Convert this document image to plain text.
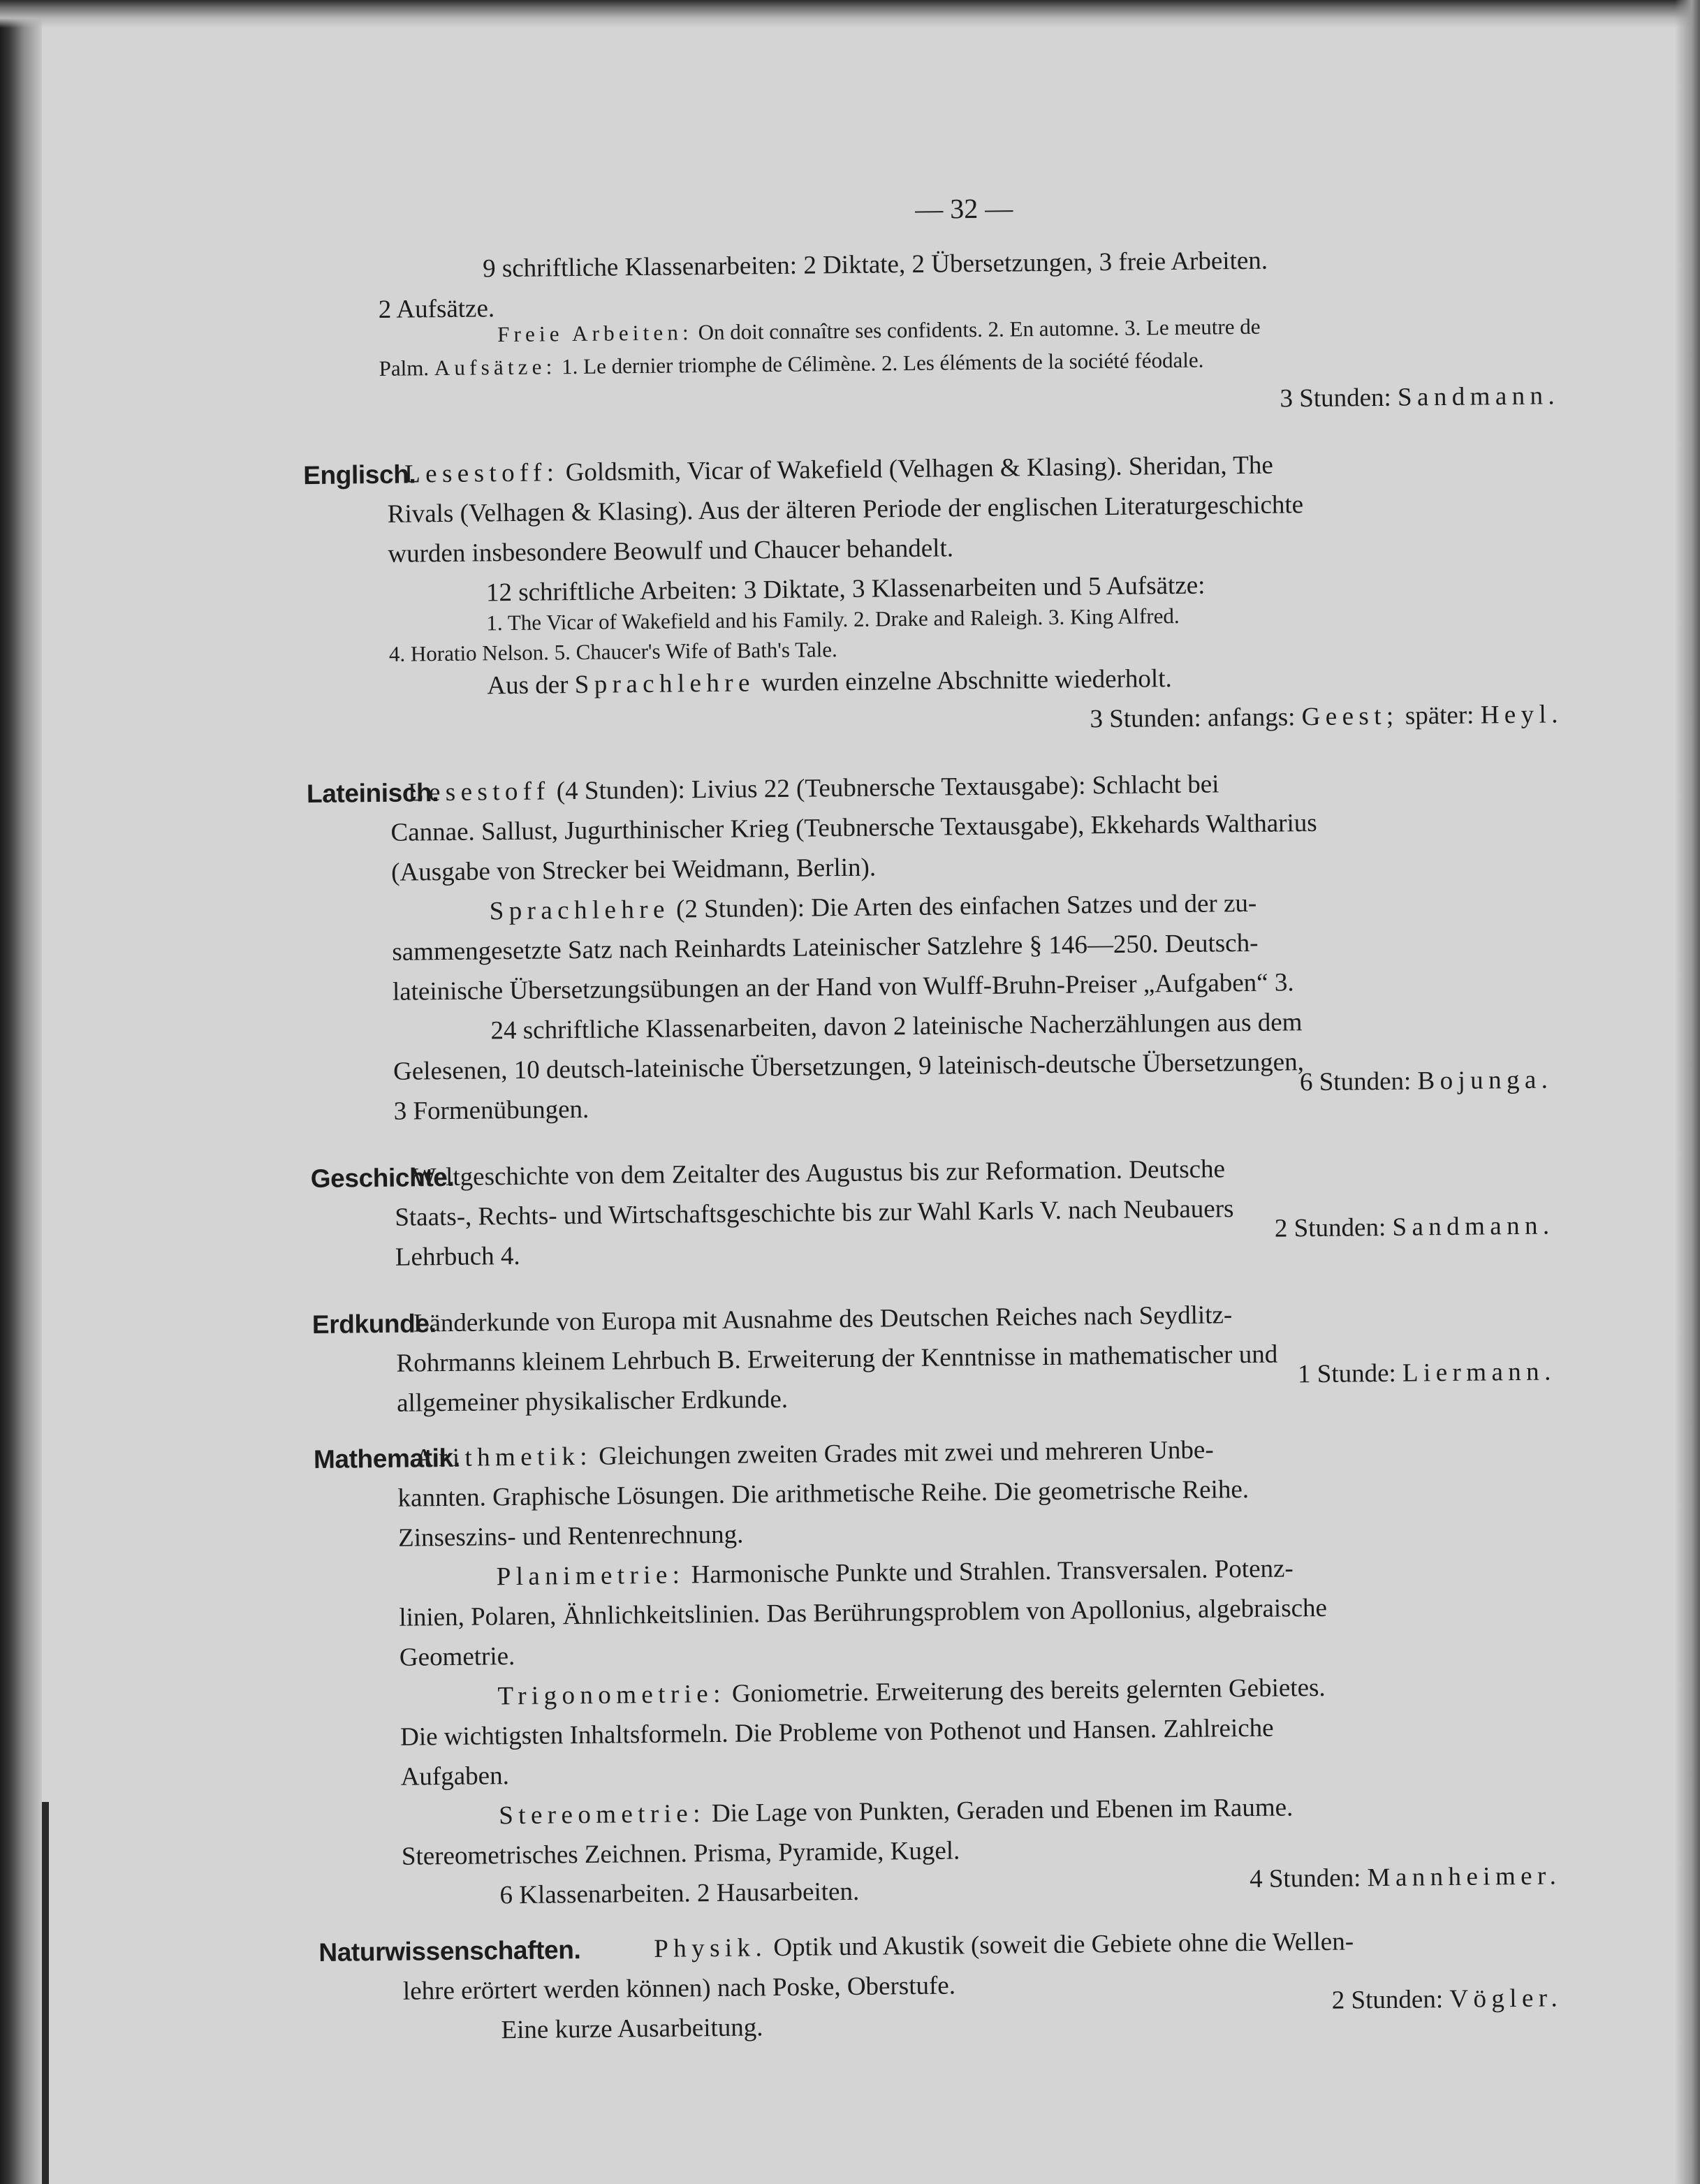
— 32 —
9 schriftliche Klassenarbeiten: 2 Diktate, 2 Übersetzungen, 3 freie Arbeiten.
2 Aufsätze.
Freie Arbeiten: On doit connaître ses confidents. 2. En automne. 3. Le meutre de
Palm. Aufsätze: 1. Le dernier triomphe de Célimène. 2. Les éléments de la société féodale.
3 Stunden: Sandmann.
Englisch.
Lesestoff: Goldsmith, Vicar of Wakefield (Velhagen & Klasing). Sheridan, The
Rivals (Velhagen & Klasing). Aus der älteren Periode der englischen Literaturgeschichte
wurden insbesondere Beowulf und Chaucer behandelt.
12 schriftliche Arbeiten: 3 Diktate, 3 Klassenarbeiten und 5 Aufsätze:
1. The Vicar of Wakefield and his Family. 2. Drake and Raleigh. 3. King Alfred.
4. Horatio Nelson. 5. Chaucer's Wife of Bath's Tale.
Aus der Sprachlehre wurden einzelne Abschnitte wiederholt.
3 Stunden: anfangs: Geest; später: Heyl.
Lateinisch.
Lesestoff (4 Stunden): Livius 22 (Teubnersche Textausgabe): Schlacht bei
Cannae. Sallust, Jugurthinischer Krieg (Teubnersche Textausgabe), Ekkehards Waltharius
(Ausgabe von Strecker bei Weidmann, Berlin).
Sprachlehre (2 Stunden): Die Arten des einfachen Satzes und der zu-
sammengesetzte Satz nach Reinhardts Lateinischer Satzlehre § 146—250. Deutsch-
lateinische Übersetzungsübungen an der Hand von Wulff-Bruhn-Preiser „Aufgaben“ 3.
24 schriftliche Klassenarbeiten, davon 2 lateinische Nacherzählungen aus dem
Gelesenen, 10 deutsch-lateinische Übersetzungen, 9 lateinisch-deutsche Übersetzungen,
3 Formenübungen.
6 Stunden: Bojunga.
Geschichte.
Weltgeschichte von dem Zeitalter des Augustus bis zur Reformation. Deutsche
Staats-, Rechts- und Wirtschaftsgeschichte bis zur Wahl Karls V. nach Neubauers
Lehrbuch 4.
2 Stunden: Sandmann.
Erdkunde.
Länderkunde von Europa mit Ausnahme des Deutschen Reiches nach Seydlitz-
Rohrmanns kleinem Lehrbuch B. Erweiterung der Kenntnisse in mathematischer und
allgemeiner physikalischer Erdkunde.
1 Stunde: Liermann.
Mathematik.
Arithmetik: Gleichungen zweiten Grades mit zwei und mehreren Unbe-
kannten. Graphische Lösungen. Die arithmetische Reihe. Die geometrische Reihe.
Zinseszins- und Rentenrechnung.
Planimetrie: Harmonische Punkte und Strahlen. Transversalen. Potenz-
linien, Polaren, Ähnlichkeitslinien. Das Berührungsproblem von Apollonius, algebraische
Geometrie.
Trigonometrie: Goniometrie. Erweiterung des bereits gelernten Gebietes.
Die wichtigsten Inhaltsformeln. Die Probleme von Pothenot und Hansen. Zahlreiche
Aufgaben.
Stereometrie: Die Lage von Punkten, Geraden und Ebenen im Raume.
Stereometrisches Zeichnen. Prisma, Pyramide, Kugel.
6 Klassenarbeiten. 2 Hausarbeiten.	4 Stunden: Mannheimer.
Naturwissenschaften.	Physik. Optik und Akustik (soweit die Gebiete ohne die Wellen-
lehre erörtert werden können) nach Poske, Oberstufe.
Eine kurze Ausarbeitung.
2 Stunden: Vögler.
